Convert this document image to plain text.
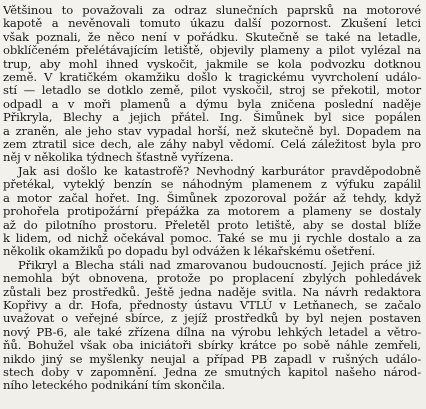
Většinou to považovali za odraz slunečních paprsků na motorové
kapotě a nevěnovali tomuto úkazu další pozornost. Zkušení letci
však poznali, že něco není v pořádku. Skutečně se také na letadle,
obklíčeném přelétávajícím letiště, objevily plameny a pilot vylézal na
trup, aby mohl ihned vyskočit, jakmile se kola podvozku dotknou
země. V kratičkém okamžiku došlo k tragickému vyvrcholení událo-
stí — letadlo se dotklo země, pilot vyskočil, stroj se překotil, motor
odpadl a v moři plamenů a dýmu byla zničena poslední naděje
Přikryla, Blechy a jejich přátel. Ing. Šimůnek byl sice popálen
a zraněn, ale jeho stav vypadal horší, než skutečně byl. Dopadem na
zem ztratil sice dech, ale záhy nabyl vědomí. Celá záležitost byla pro
něj v několika týdnech šťastně vyřízena.

Jak asi došlo ke katastrofě? Nevhodný karburátor pravděpodobně
přetékal, vyteklý benzín se náhodným plamenem z výfuku zapálil
a motor začal hořet. Ing. Šimůnek zpozoroval požár až tehdy, když
prohořela protipožární přepážka za motorem a plameny se dostaly
až do pilotního prostoru. Přeletěl proto letiště, aby se dostal blíže
k lidem, od nichž očekával pomoc. Také se mu ji rychle dostalo a za
několik okamžiků po dopadu byl odvážen k lékařskému ošetření.

Přikryl a Blecha stáli nad zmarovanou budoucností. Jejich práce již
nemohla být obnovena, protože po proplacení zbylých pohledávek
zůstali bez prostředků. Ještě jedna naděje svitla. Na návrh redaktora
Kopřivy a dr. Hofa, přednosty ústavu VTLÚ v Letňanech, se začalo
uvažovat o veřejné sbírce, z jejíž prostředků by byl nejen postaven
nový PB-6, ale také zřízena dílna na výrobu lehkých letadel a větro-
ňů. Bohužel však oba iniciátoři sbírky krátce po sobě náhle zemřeli,
nikdo jiný se myšlenky neujal a případ PB zapadl v rušných událo-
stech doby v zapomnění. Jedna ze smutných kapitol našeho národ-
ního leteckého podnikání tím skončila.
